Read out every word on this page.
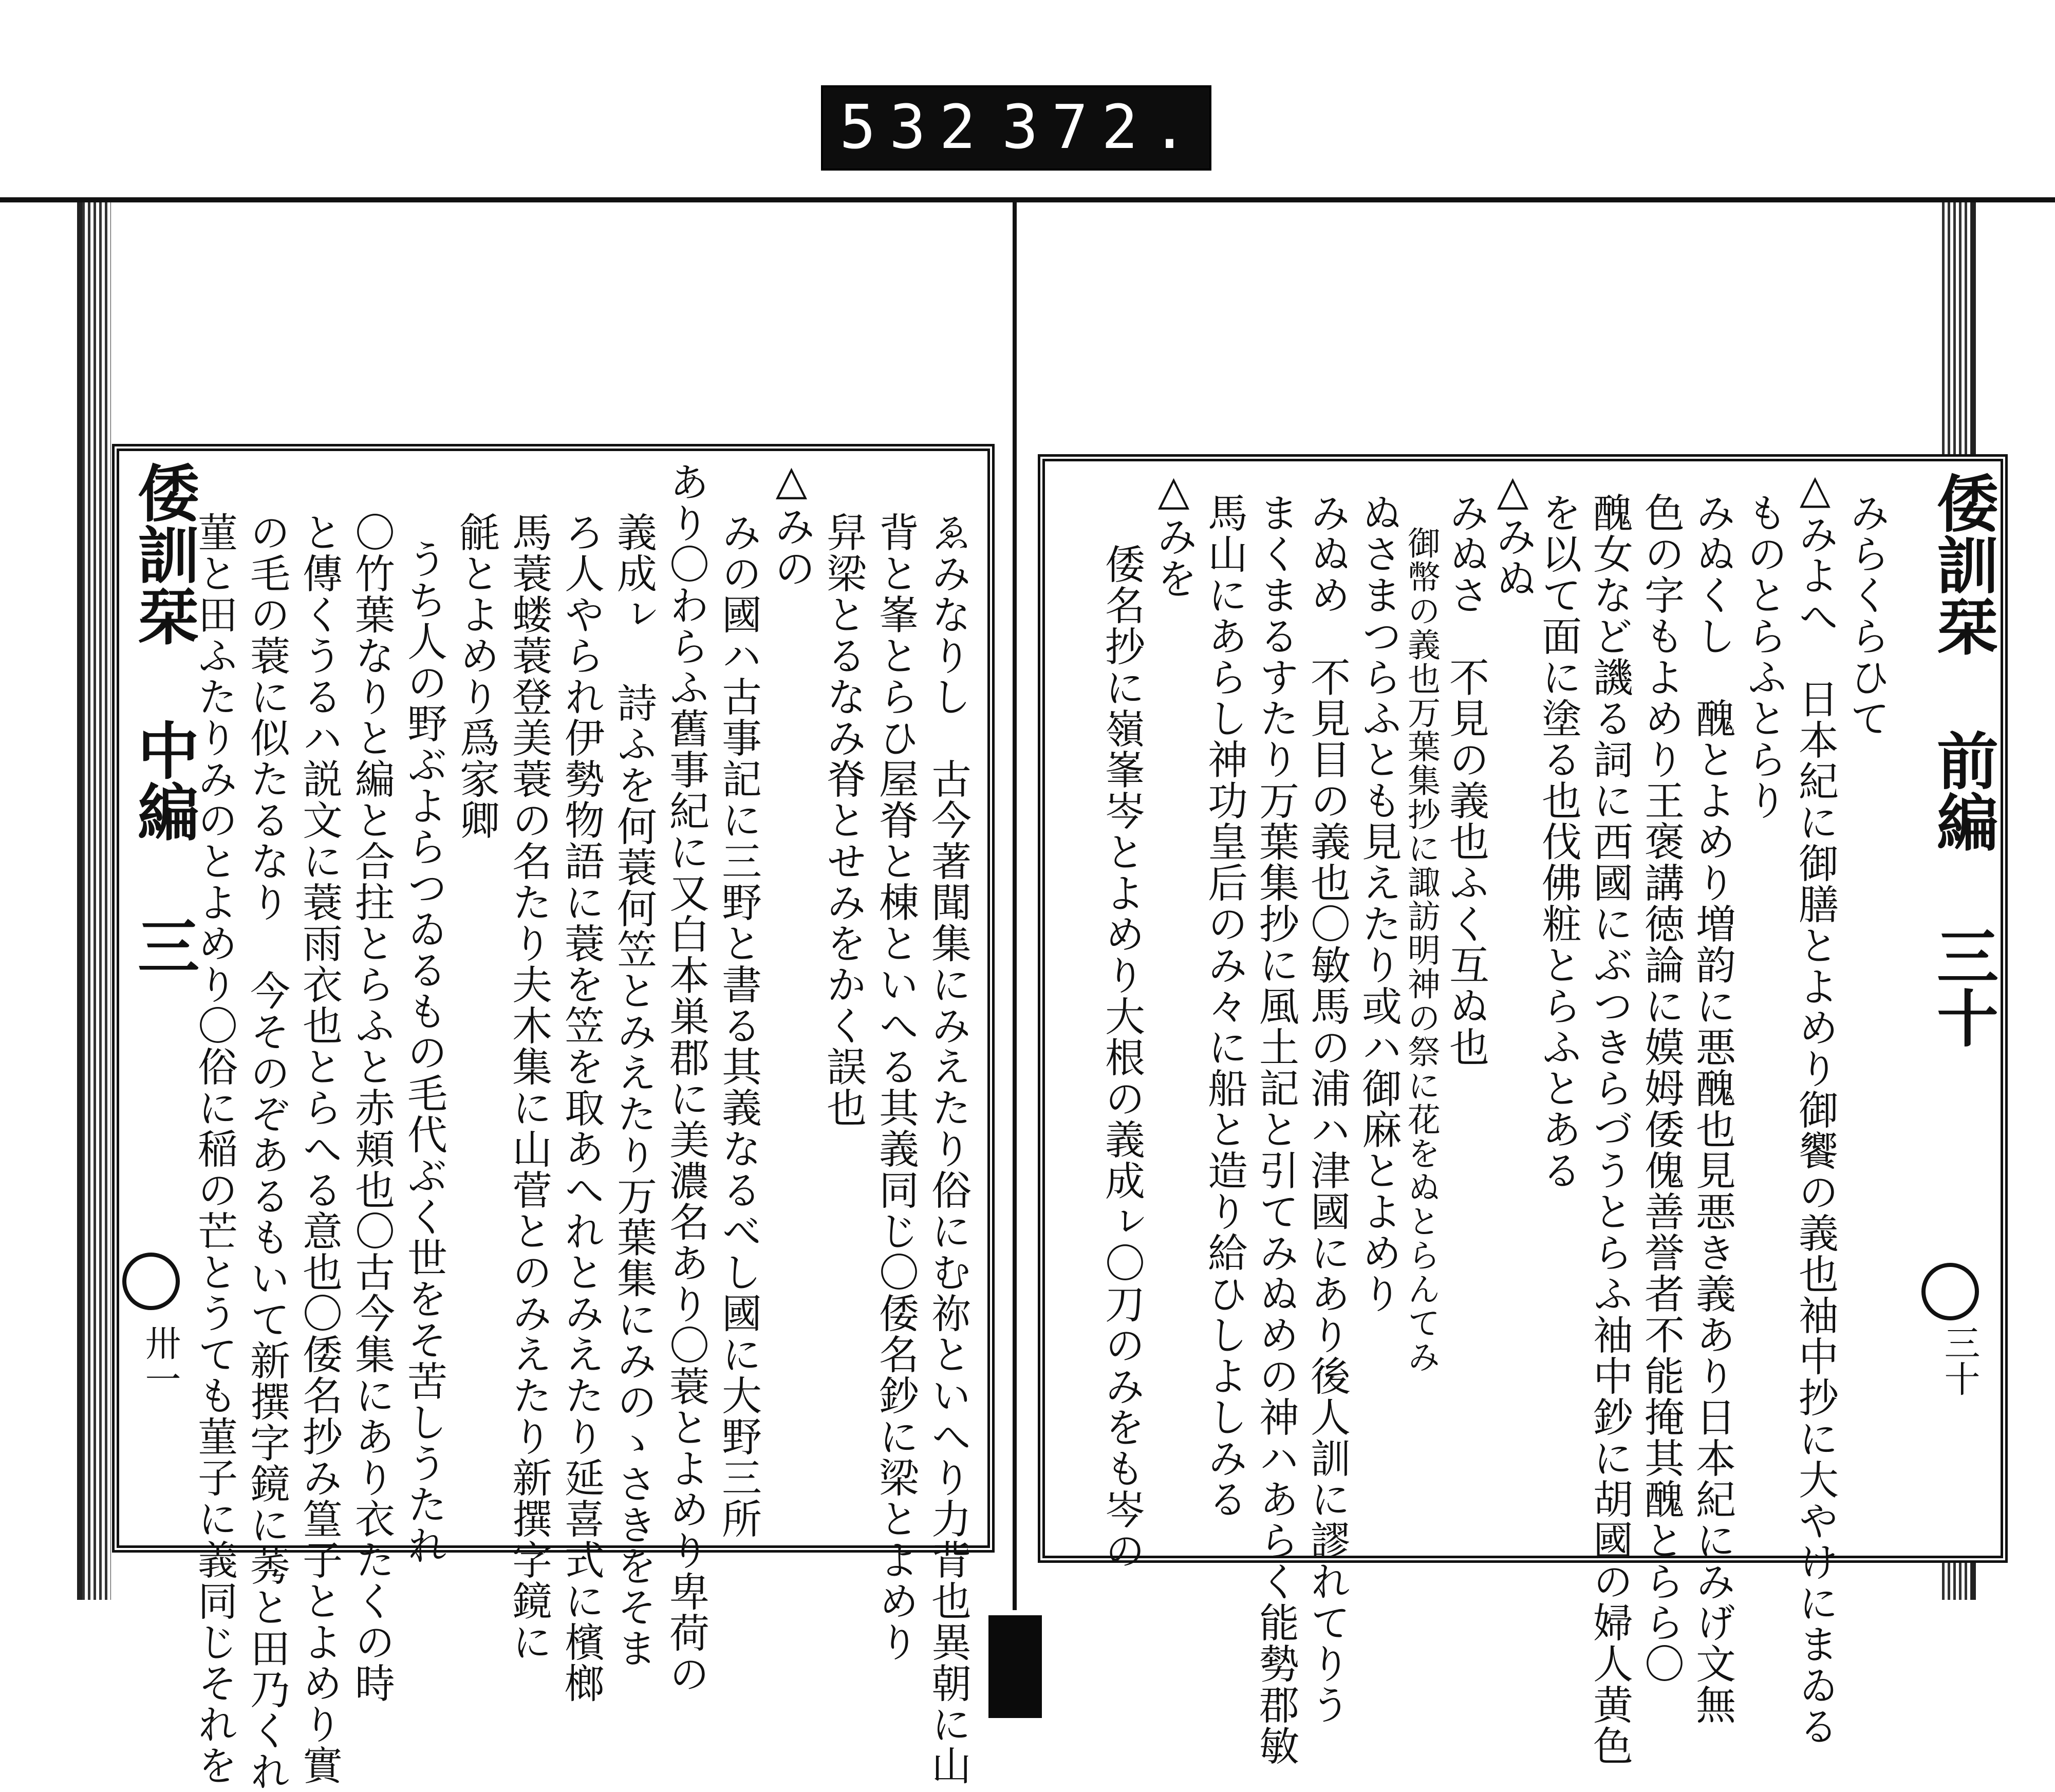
532 372.
倭訓栞 中編 三
卅一	ゑみなりし　古今著聞集にみえたり俗にむ祢といへり力背也異朝に山
背と峯とらひ屋脊と棟といへる其義同じ〇倭名鈔に梁とよめり
舁梁とるなみ脊とせみをかく誤也
△みの
みの國ハ古事記に三野と書る其義なるべし國に大野三所
あり〇わらふ舊事紀に又白本巣郡に美濃名あり〇蓑とよめり卑荷の
義成ㇾ 詩ふを何蓑何笠とみえたり万葉集にみのゝさきをそま
ろ人やられ伊勢物語に蓑を笠を取あへれとみえたり延喜式に檳榔
馬蓑蝼蓑登美蓑の名たり夫木集に山菅とのみえたり新撰字鏡に
毹とよめり爲家卿
うち人の野ぶよらつゐるもの毛代ぶく世をそ苦しうたれ
〇竹葉なりと編と合拄とらふと赤頬也〇古今集にあり衣たくの時
と傳くうるハ説文に蓑雨衣也とらへる意也〇倭名抄み篁子とよめり實
の毛の蓑に似たるなり 今そのぞあるもいて新撰字鏡に莠と田乃くれ
菫と田ふたりみのとよめり〇俗に稲の芒とうても菫子に義同じそれを	倭訓栞 前編 三十
三十
みらくらひて
△みよへ　日本紀に御膳とよめり御饗の義也袖中抄に大やけにまゐる
ものとらふとらり
みぬくし　醜とよめり増韵に悪醜也見悪き義あり日本紀にみげ文無
色の字もよめり王褒講徳論に嫫姆倭傀善誉者不能掩其醜とらら〇
醜女など譏る詞に西國にぶつきらづうとらふ袖中鈔に胡國の婦人黄色
を以て面に塗る也伐佛粧とらふとある
△みぬ
みぬさ　不見の義也ふく互ぬ也
　御幣の義也万葉集抄に諏訪明神の祭に花をぬとらんてみ
ぬさまつらふとも見えたり或ハ御麻とよめり
みぬめ　不見目の義也〇敏馬の浦ハ津國にあり後人訓に謬れてりう
まくまるすたり万葉集抄に風土記と引てみぬめの神ハあらく能勢郡敏
馬山にあらし神功皇后のみ々に船と造り給ひしよしみる
△みを
倭名抄に嶺峯岑とよめり大根の義成ㇾ〇刀のみをも岑の
